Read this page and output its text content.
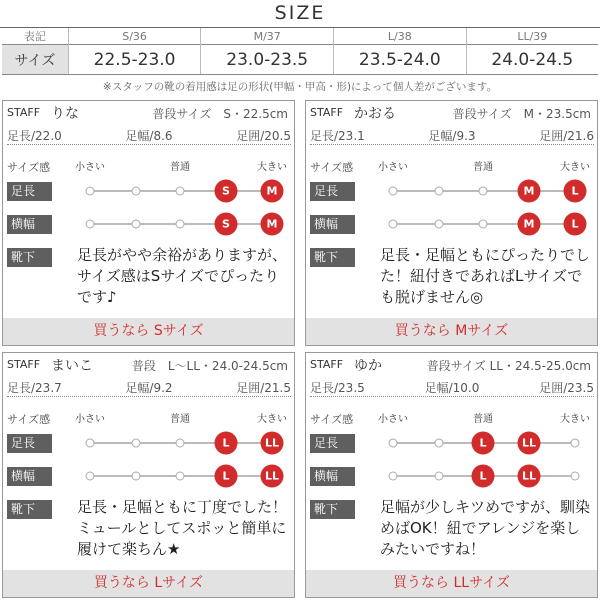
SIZE
表記	S/36	M/37	L/38	LL/39
サイズ	22.5-23.0	23.0-23.5	23.5-24.0	24.0-24.5
※スタッフの靴の着用感は足の形状(甲幅・甲高・形)によって個人差がございます。
STAFF りな	普段サイズ　S・22.5cm
足長/22.0	足幅/8.6	足囲/20.5
サイズ感 小さい	普通	大きい
足長
横幅
靴下	足長がやや余裕がありますが、サイズ感はSサイズでぴったりです♪
買うなら Sサイズ
S	M
S	M
STAFF かおる	普段サイズ　M・23.5cm
足長/23.1	足幅/9.3	足囲/21.6
サイズ感 小さい	普通	大きい
足長
横幅
靴下	足長・足幅ともにぴったりでした！紐付きであればLサイズでも脱げません◎
買うなら Mサイズ
M	L
M	L
STAFF まいこ	普段　L～LL・24.0-24.5cm
足長/23.7	足幅/9.2	足囲/21.5
サイズ感 小さい	普通	大きい
足長
横幅
靴下	足長・足幅ともに丁度でした！ミュールとしてスポッと簡単に履けて楽ちん★
買うなら Lサイズ
L	LL
L	LL
STAFF ゆか	普段サイズ LL・24.5-25.0cm
足長/23.5	足幅/10.0	足囲/23.5
サイズ感 小さい	普通	大きい
足長
横幅
靴下	足幅が少しキツめですが、馴染めばOK！紐でアレンジを楽しみたいですね！
買うなら LLサイズ
L	LL
L	LL
